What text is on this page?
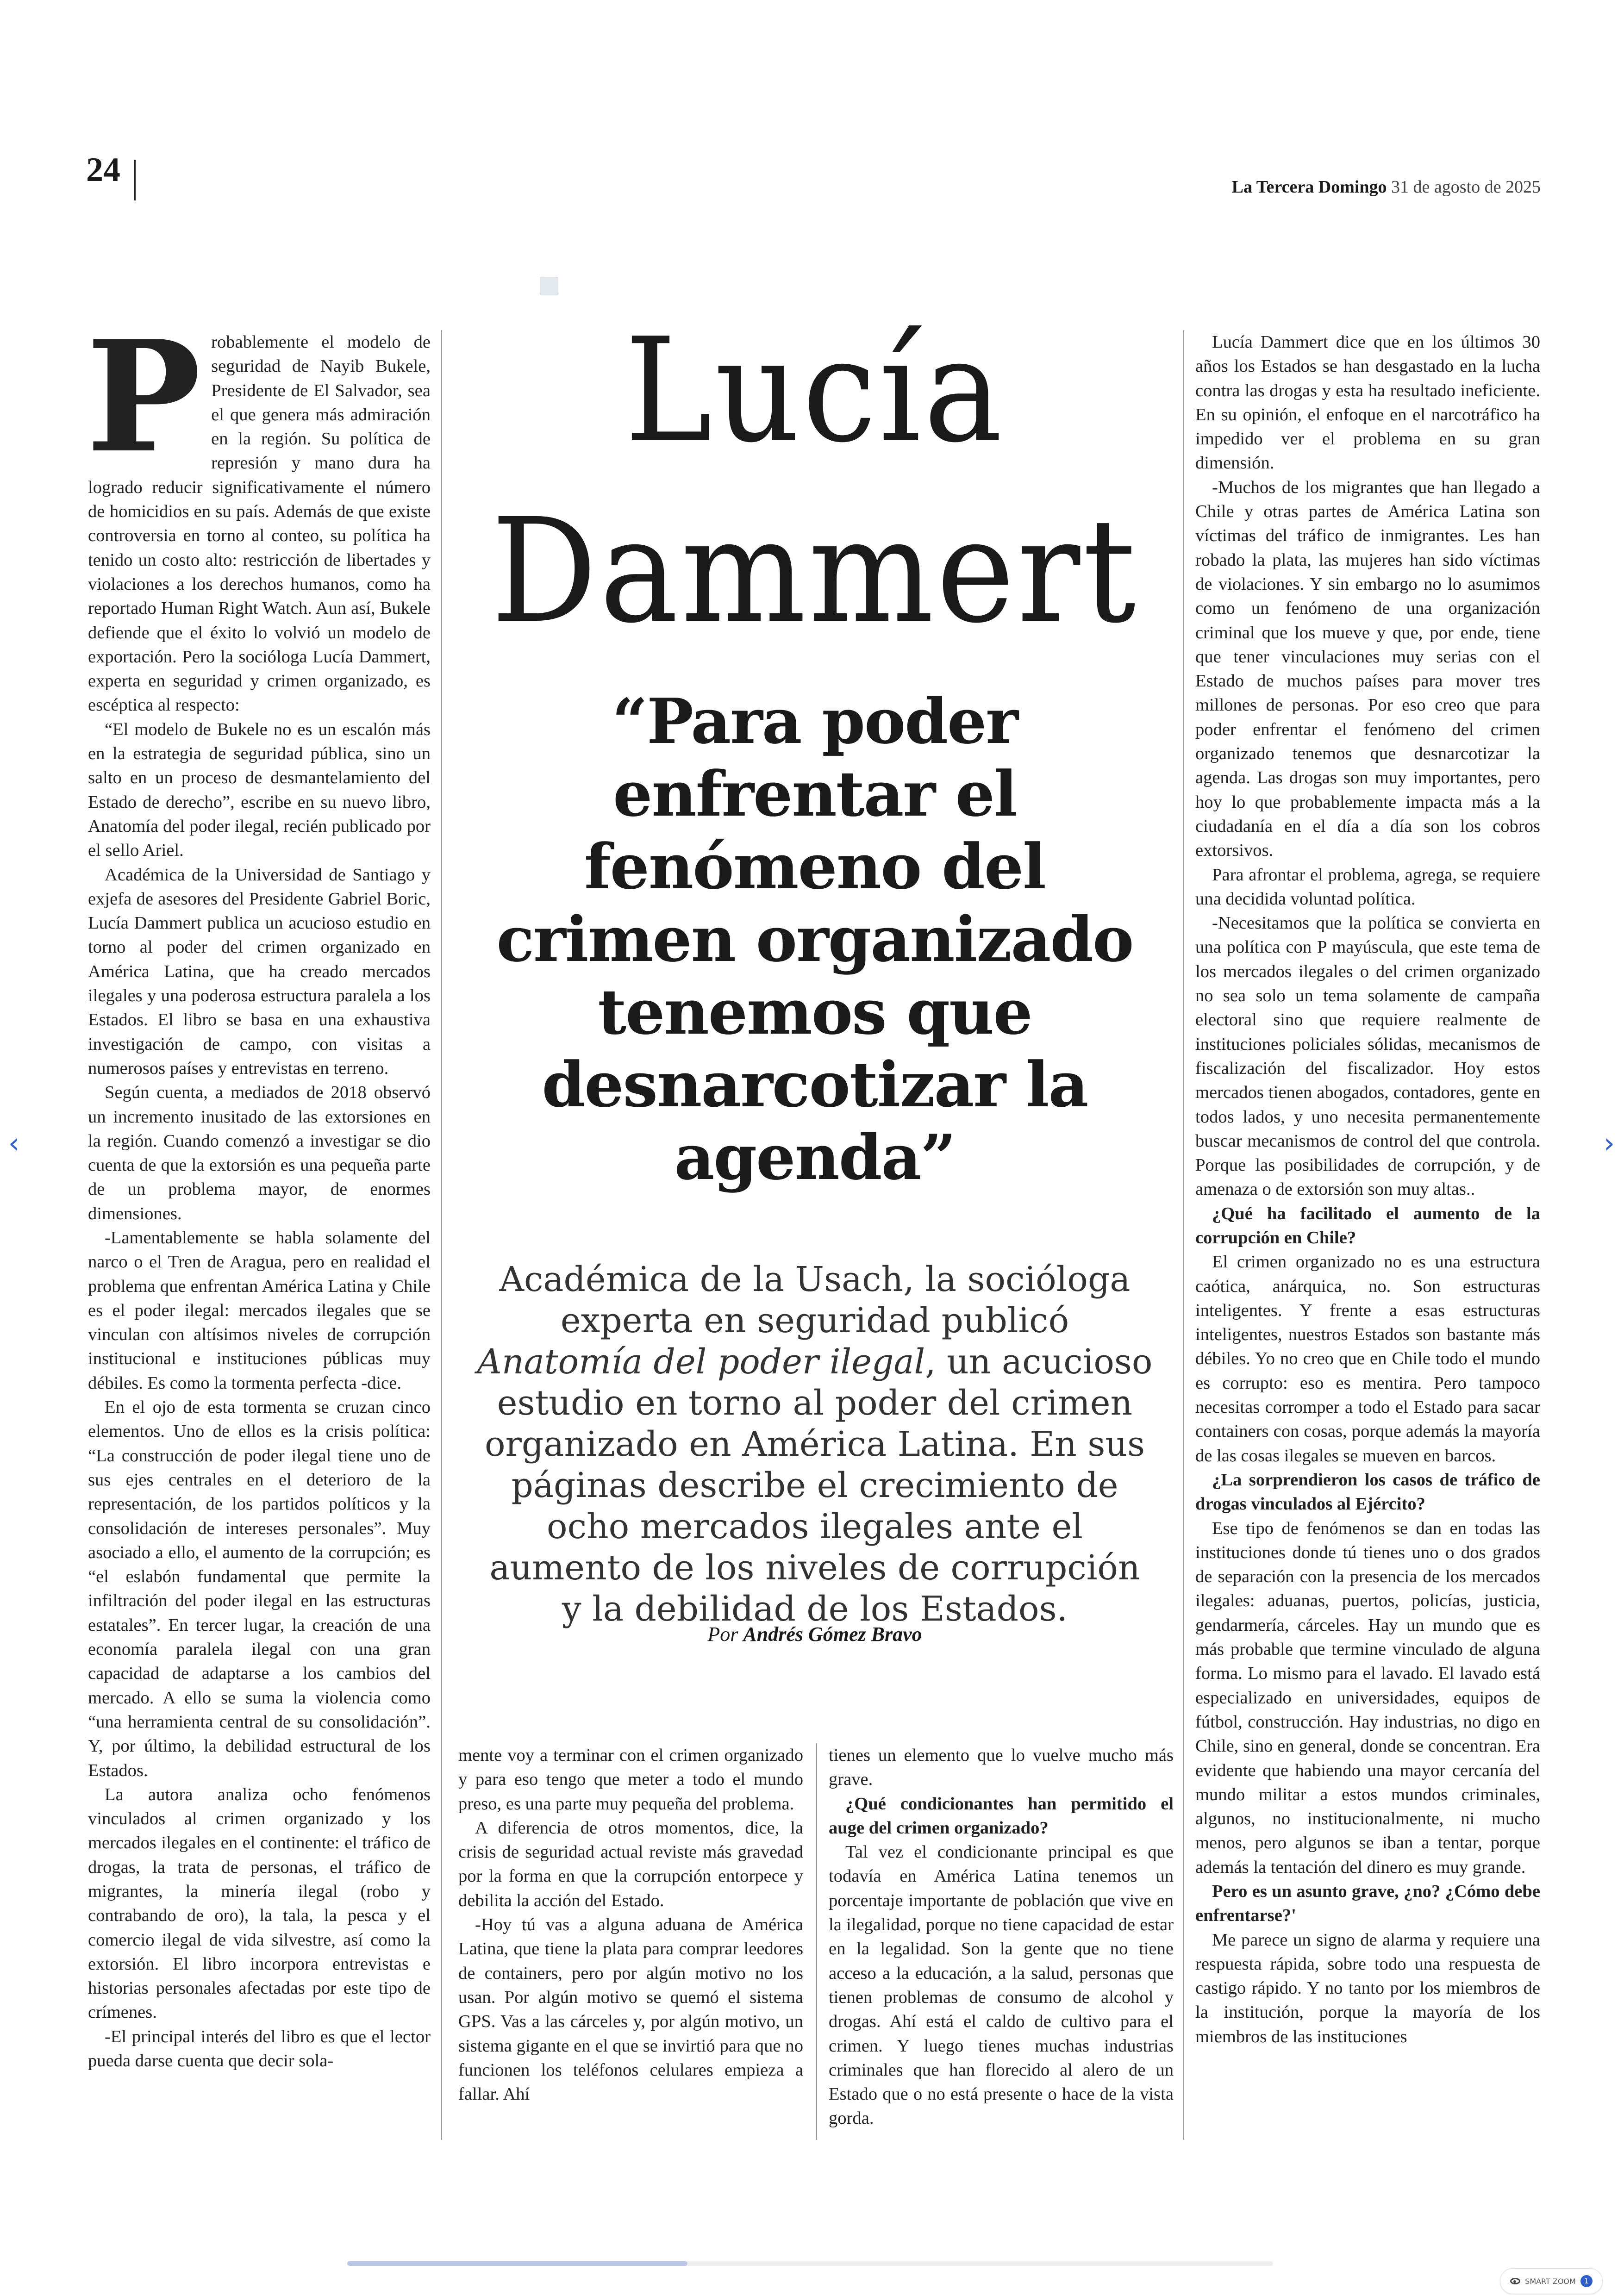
24	La Tercera Domingo 31 de agosto de 2025
P robablemente el modelo de seguridad de Nayib Bukele, Presidente de El Salvador, sea el que genera más admiración en la región. Su política de represión y mano dura ha logrado reducir significativamente el número de homicidios en su país. Además de que existe controversia en torno al conteo, su política ha tenido un costo alto: restricción de libertades y violaciones a los derechos humanos, como ha reportado Human Right Watch. Aun así, Bukele defiende que el éxito lo volvió un modelo de exportación. Pero la socióloga Lucía Dammert, experta en seguridad y crimen organizado, es escéptica al respecto:

“El modelo de Bukele no es un escalón más en la estrategia de seguridad pública, sino un salto en un proceso de desmantelamiento del Estado de derecho”, escribe en su nuevo libro, Anatomía del poder ilegal, recién publicado por el sello Ariel.

Académica de la Universidad de Santiago y exjefa de asesores del Presidente Gabriel Boric, Lucía Dammert publica un acucioso estudio en torno al poder del crimen organizado en América Latina, que ha creado mercados ilegales y una poderosa estructura paralela a los Estados. El libro se basa en una exhaustiva investigación de campo, con visitas a numerosos países y entrevistas en terreno.

Según cuenta, a mediados de 2018 observó un incremento inusitado de las extorsiones en la región. Cuando comenzó a investigar se dio cuenta de que la extorsión es una pequeña parte de un problema mayor, de enormes dimensiones.

-Lamentablemente se habla solamente del narco o el Tren de Aragua, pero en realidad el problema que enfrentan América Latina y Chile es el poder ilegal: mercados ilegales que se vinculan con altísimos niveles de corrupción institucional e instituciones públicas muy débiles. Es como la tormenta perfecta -dice.

En el ojo de esta tormenta se cruzan cinco elementos. Uno de ellos es la crisis política: “La construcción de poder ilegal tiene uno de sus ejes centrales en el deterioro de la representación, de los partidos políticos y la consolidación de intereses personales”. Muy asociado a ello, el aumento de la corrupción; es “el eslabón fundamental que permite la infiltración del poder ilegal en las estructuras estatales”. En tercer lugar, la creación de una economía paralela ilegal con una gran capacidad de adaptarse a los cambios del mercado. A ello se suma la violencia como “una herramienta central de su consolidación”. Y, por último, la debilidad estructural de los Estados.

La autora analiza ocho fenómenos vinculados al crimen organizado y los mercados ilegales en el continente: el tráfico de drogas, la trata de personas, el tráfico de migrantes, la minería ilegal (robo y contrabando de oro), la tala, la pesca y el comercio ilegal de vida silvestre, así como la extorsión. El libro incorpora entrevistas e historias personales afectadas por este tipo de crímenes.

-El principal interés del libro es que el lector pueda darse cuenta que decir sola-

Lucía
Dammert
“Para poder enfrentar el fenómeno del crimen organizado tenemos que desnarcotizar la agenda”
Académica de la Usach, la socióloga experta en seguridad publicó Anatomía del poder ilegal, un acucioso estudio en torno al poder del crimen organizado en América Latina. En sus páginas describe el crecimiento de ocho mercados ilegales ante el aumento de los niveles de corrupción y la debilidad de los Estados.
Por Andrés Gómez Bravo

mente voy a terminar con el crimen organizado y para eso tengo que meter a todo el mundo preso, es una parte muy pequeña del problema.

A diferencia de otros momentos, dice, la crisis de seguridad actual reviste más gravedad por la forma en que la corrupción entorpece y debilita la acción del Estado.

-Hoy tú vas a alguna aduana de América Latina, que tiene la plata para comprar leedores de containers, pero por algún motivo no los usan. Por algún motivo se quemó el sistema GPS. Vas a las cárceles y, por algún motivo, un sistema gigante en el que se invirtió para que no funcionen los teléfonos celulares empieza a fallar. Ahí

tienes un elemento que lo vuelve mucho más grave.

¿Qué condicionantes han permitido el auge del crimen organizado?

Tal vez el condicionante principal es que todavía en América Latina tenemos un porcentaje importante de población que vive en la ilegalidad, porque no tiene capacidad de estar en la legalidad. Son la gente que no tiene acceso a la educación, a la salud, personas que tienen problemas de consumo de alcohol y drogas. Ahí está el caldo de cultivo para el crimen. Y luego tienes muchas industrias criminales que han florecido al alero de un Estado que o no está presente o hace de la vista gorda.

Lucía Dammert dice que en los últimos 30 años los Estados se han desgastado en la lucha contra las drogas y esta ha resultado ineficiente. En su opinión, el enfoque en el narcotráfico ha impedido ver el problema en su gran dimensión.

-Muchos de los migrantes que han llegado a Chile y otras partes de América Latina son víctimas del tráfico de inmigrantes. Les han robado la plata, las mujeres han sido víctimas de violaciones. Y sin embargo no lo asumimos como un fenómeno de una organización criminal que los mueve y que, por ende, tiene que tener vinculaciones muy serias con el Estado de muchos países para mover tres millones de personas. Por eso creo que para poder enfrentar el fenómeno del crimen organizado tenemos que desnarcotizar la agenda. Las drogas son muy importantes, pero hoy lo que probablemente impacta más a la ciudadanía en el día a día son los cobros extorsivos.

Para afrontar el problema, agrega, se requiere una decidida voluntad política.

-Necesitamos que la política se convierta en una política con P mayúscula, que este tema de los mercados ilegales o del crimen organizado no sea solo un tema solamente de campaña electoral sino que requiere realmente de instituciones policiales sólidas, mecanismos de fiscalización del fiscalizador. Hoy estos mercados tienen abogados, contadores, gente en todos lados, y uno necesita permanentemente buscar mecanismos de control del que controla. Porque las posibilidades de corrupción, y de amenaza o de extorsión son muy altas..

¿Qué ha facilitado el aumento de la corrupción en Chile?

El crimen organizado no es una estructura caótica, anárquica, no. Son estructuras inteligentes. Y frente a esas estructuras inteligentes, nuestros Estados son bastante más débiles. Yo no creo que en Chile todo el mundo es corrupto: eso es mentira. Pero tampoco necesitas corromper a todo el Estado para sacar containers con cosas, porque además la mayoría de las cosas ilegales se mueven en barcos.

¿La sorprendieron los casos de tráfico de drogas vinculados al Ejército?

Ese tipo de fenómenos se dan en todas las instituciones donde tú tienes uno o dos grados de separación con la presencia de los mercados ilegales: aduanas, puertos, policías, justicia, gendarmería, cárceles. Hay un mundo que es más probable que termine vinculado de alguna forma. Lo mismo para el lavado. El lavado está especializado en universidades, equipos de fútbol, construcción. Hay industrias, no digo en Chile, sino en general, donde se concentran. Era evidente que habiendo una mayor cercanía del mundo militar a estos mundos criminales, algunos, no institucionalmente, ni mucho menos, pero algunos se iban a tentar, porque además la tentación del dinero es muy grande.

Pero es un asunto grave, ¿no? ¿Cómo debe enfrentarse?'

Me parece un signo de alarma y requiere una respuesta rápida, sobre todo una respuesta de castigo rápido. Y no tanto por los miembros de la institución, porque la mayoría de los miembros de las instituciones

‹	›
SMART ZOOM	1
